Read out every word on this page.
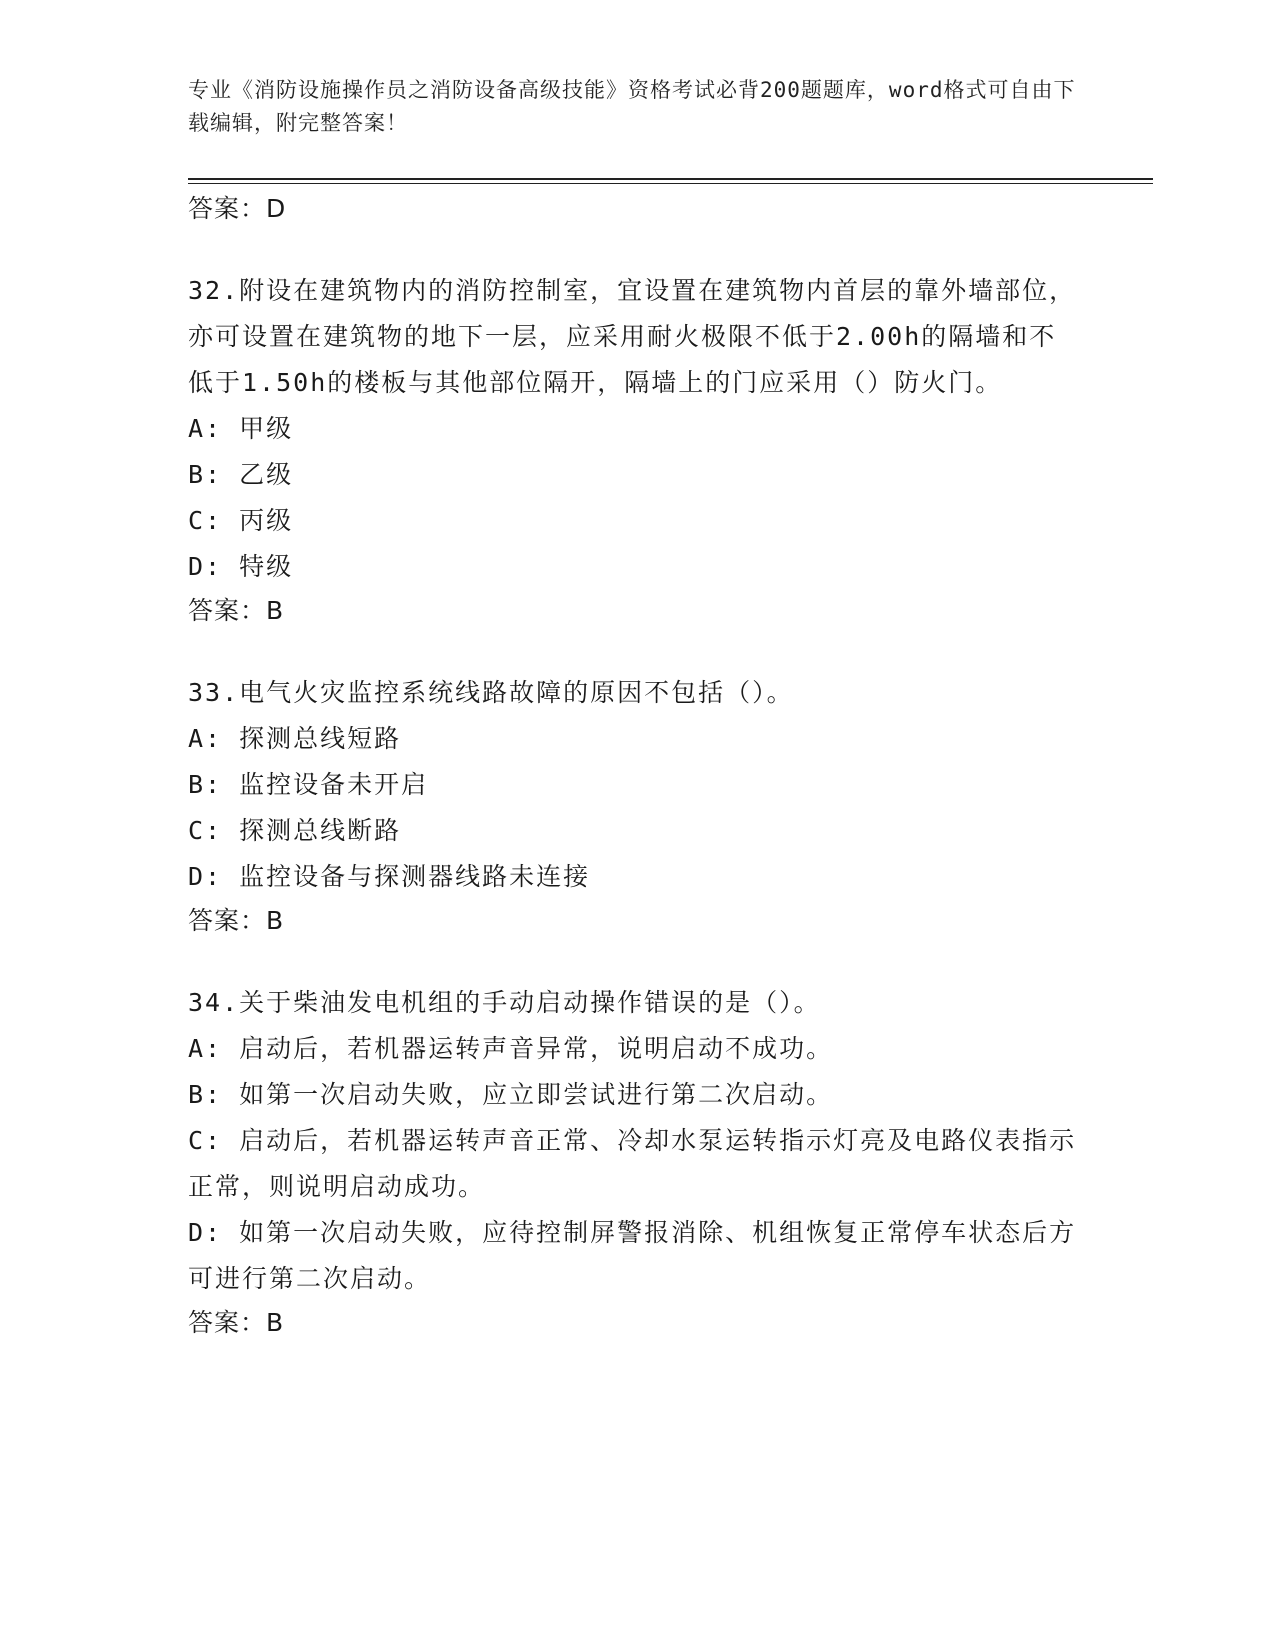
专业《消防设施操作员之消防设备高级技能》资格考试必背200题题库，word格式可自由下载编辑，附完整答案！
答案：D

32.附设在建筑物内的消防控制室，宜设置在建筑物内首层的靠外墙部位，亦可设置在建筑物的地下一层，应采用耐火极限不低于2.00h的隔墙和不低于1.50h的楼板与其他部位隔开，隔墙上的门应采用（）防火门。

A: 甲级

B: 乙级

C: 丙级

D: 特级

答案：B

33.电气火灾监控系统线路故障的原因不包括（）。

A: 探测总线短路

B: 监控设备未开启

C: 探测总线断路

D: 监控设备与探测器线路未连接

答案：B

34.关于柴油发电机组的手动启动操作错误的是（）。

A: 启动后，若机器运转声音异常，说明启动不成功。

B: 如第一次启动失败，应立即尝试进行第二次启动。

C: 启动后，若机器运转声音正常、冷却水泵运转指示灯亮及电路仪表指示正常，则说明启动成功。

D: 如第一次启动失败，应待控制屏警报消除、机组恢复正常停车状态后方可进行第二次启动。

答案：B
